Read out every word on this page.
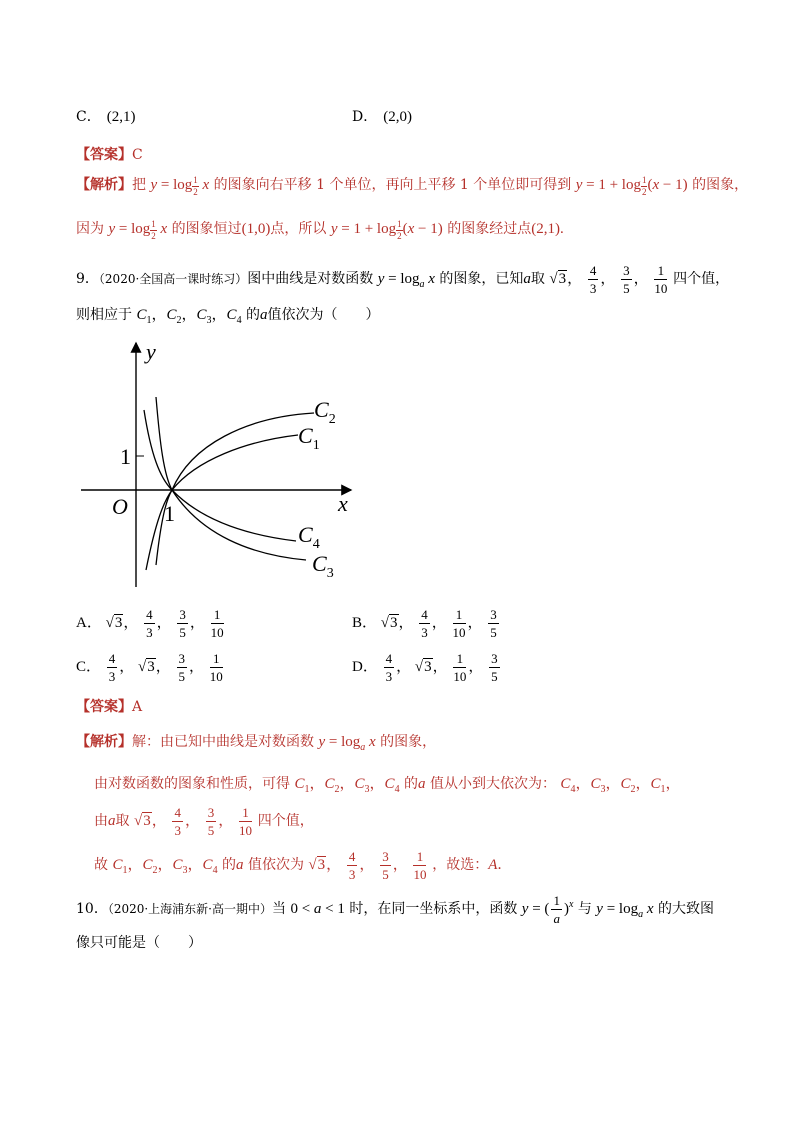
C． (2,1)	D． (2,0)
【答案】C
【解析】把 $y = \log \frac{1}{2}$ x 的图象向右平移 1 个单位，再向上平移 1 个单位即可得到 $y = 1 + \log \frac{1}{2} (x - 1)$ 的图象，
因为 $y = \log \frac{1}{2}$ x 的图象恒过(1,0)点，所以 $y = 1 + \log \frac{1}{2} (x - 1)$ 的图象经过点(2,1).
9．（2020·全国高一课时练习）图中曲线是对数函数 $y = \log_a x$ 的图象，已知a取 √3， $\frac{4}{3}$ ， $\frac{3}{5}$ ， $\frac{1}{10}$ 四个值，
则相应于 $C_1$，$C_2$，$C_3$，$C_4$ 的a值依次为（　　）
y
x
O 1
1
$C_2$
$C_1$
$C_4$
$C_3$
A． √3， $\frac{4}{3}$ ， $\frac{3}{5}$ ， $\frac{1}{10}$	B． √3， $\frac{4}{3}$ ， $\frac{1}{10}$ ， $\frac{3}{5}$
C． $\frac{4}{3}$ ， √3， $\frac{3}{5}$ ， $\frac{1}{10}$	D． $\frac{4}{3}$ ， √3， $\frac{1}{10}$ ， $\frac{3}{5}$
【答案】A
【解析】解：由已知中曲线是对数函数 $y = \log_a x$ 的图象，
由对数函数的图象和性质，可得 $C_1$，$C_2$，$C_3$，$C_4$ 的a 值从小到大依次为： $C_4$，$C_3$，$C_2$，$C_1$，
由a取 √3， $\frac{4}{3}$ ， $\frac{3}{5}$ ， $\frac{1}{10}$ 四个值，
故 $C_1$，$C_2$，$C_3$，$C_4$ 的a 值依次为 √3， $\frac{4}{3}$ ， $\frac{3}{5}$ ， $\frac{1}{10}$ ，故选：A．
10．（2020·上海浦东新·高一期中）当 0 < a < 1 时，在同一坐标系中，函数 y = ( $\frac{1}{a} )^x$ 与 $y = \log_a x$ 的大致图
像只可能是（　　）
